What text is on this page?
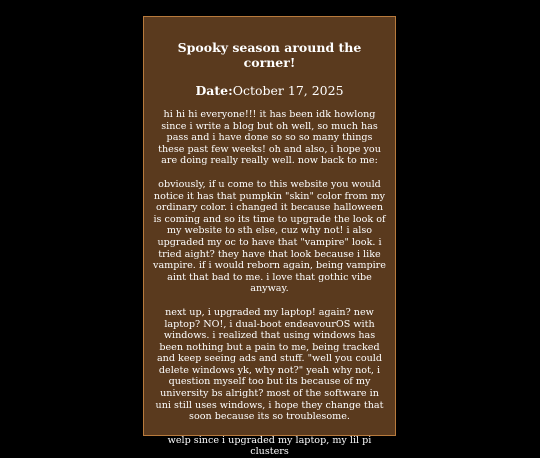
Spooky season around the corner!
Date:October 17, 2025

hi hi hi everyone!!! it has been idk howlong since i write a blog but oh well, so much has pass and i have done so so so many things these past few weeks! oh and also, i hope you are doing really really well. now back to me:

obviously, if u come to this website you would notice it has that pumpkin "skin" color from my ordinary color. i changed it because halloween is coming and so its time to upgrade the look of my website to sth else, cuz why not! i also upgraded my oc to have that "vampire" look. i tried aight? they have that look because i like vampire. if i would reborn again, being vampire aint that bad to me. i love that gothic vibe anyway.

next up, i upgraded my laptop! again? new laptop? NO!, i dual-boot endeavourOS with windows. i realized that using windows has been nothing but a pain to me, being tracked and keep seeing ads and stuff. "well you could delete windows yk, why not?" yeah why not, i question myself too but its because of my university bs alright? most of the software in uni still uses windows, i hope they change that soon because its so troublesome.

welp since i upgraded my laptop, my lil pi clusters
